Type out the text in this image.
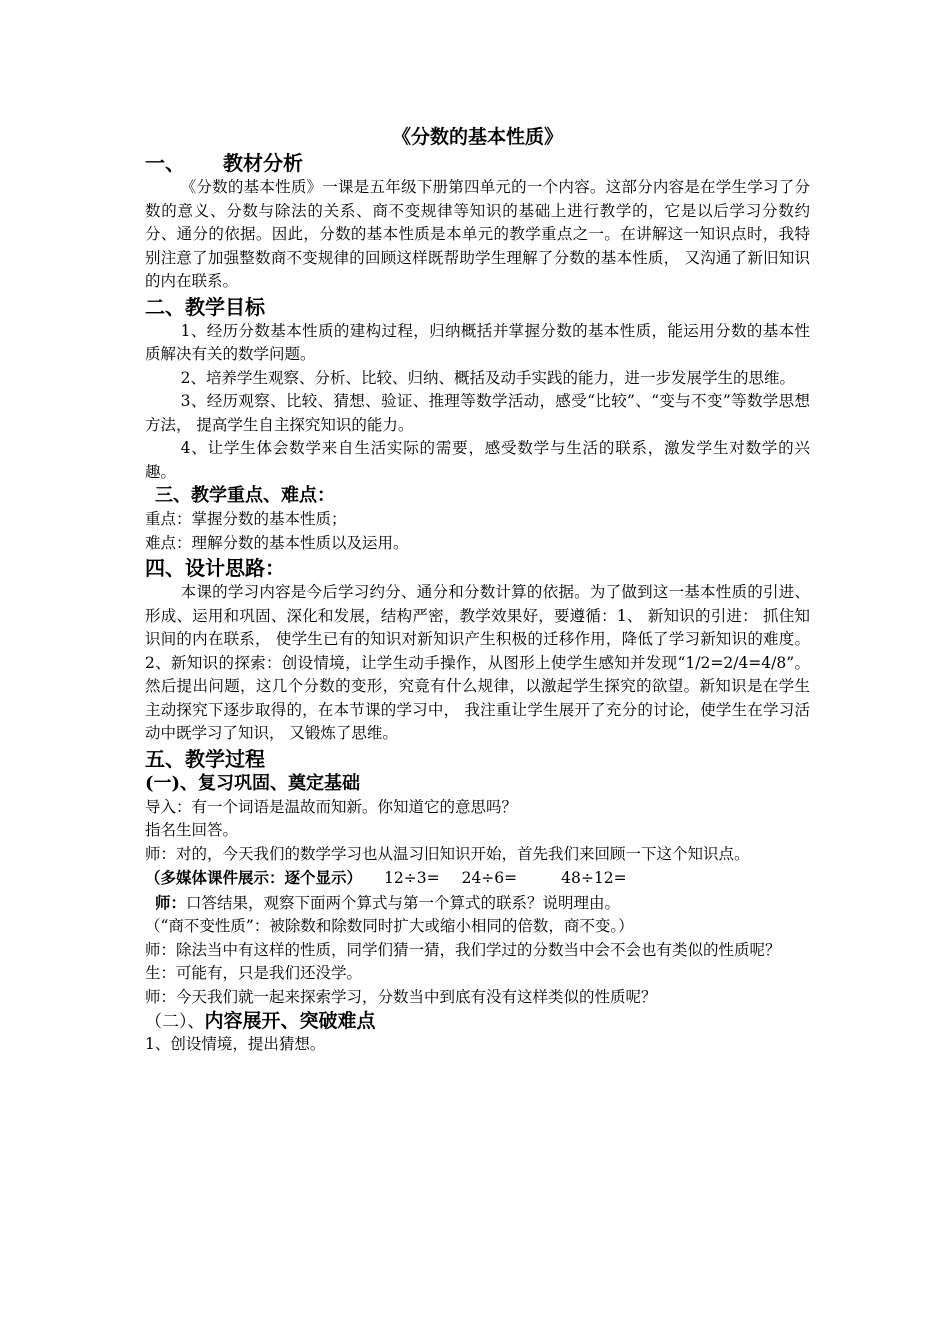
《分数的基本性质》
一、 教材分析
《分数的基本性质》一课是五年级下册第四单元的一个内容。这部分内容是在学生学习了分数的意义、分数与除法的关系、商不变规律等知识的基础上进行教学的，它是以后学习分数约分、通分的依据。因此，分数的基本性质是本单元的教学重点之一。在讲解这一知识点时，我特别注意了加强整数商不变规律的回顾这样既帮助学生理解了分数的基本性质， 又沟通了新旧知识的内在联系。
二、教学目标
1、经历分数基本性质的建构过程，归纳概括并掌握分数的基本性质，能运用分数的基本性质解决有关的数学问题。
2、培养学生观察、分析、比较、归纳、概括及动手实践的能力，进一步发展学生的思维。
3、经历观察、比较、猜想、验证、推理等数学活动，感受“比较”、“变与不变”等数学思想方法， 提高学生自主探究知识的能力。
4、让学生体会数学来自生活实际的需要，感受数学与生活的联系，激发学生对数学的兴趣。
三、教学重点、难点：
重点：掌握分数的基本性质；
难点：理解分数的基本性质以及运用。
四、设计思路：
本课的学习内容是今后学习约分、通分和分数计算的依据。为了做到这一基本性质的引进、形成、运用和巩固、深化和发展，结构严密，教学效果好，要遵循：1、 新知识的引进： 抓住知识间的内在联系， 使学生已有的知识对新知识产生积极的迁移作用，降低了学习新知识的难度。2、新知识的探索：创设情境，让学生动手操作，从图形上使学生感知并发现“1/2=2/4=4/8”。然后提出问题，这几个分数的变形，究竟有什么规律，以激起学生探究的欲望。新知识是在学生主动探究下逐步取得的，在本节课的学习中， 我注重让学生展开了充分的讨论，使学生在学习活动中既学习了知识， 又锻炼了思维。
五、教学过程
(一)、复习巩固、奠定基础
导入：有一个词语是温故而知新。你知道它的意思吗？
指名生回答。
师：对的，今天我们的数学学习也从温习旧知识开始，首先我们来回顾一下这个知识点。
（多媒体课件展示：逐个显示） 12÷3= 24÷6=	48÷12=
师：口答结果，观察下面两个算式与第一个算式的联系？说明理由。
（“商不变性质”：被除数和除数同时扩大或缩小相同的倍数，商不变。）
师：除法当中有这样的性质，同学们猜一猜，我们学过的分数当中会不会也有类似的性质呢？
生：可能有，只是我们还没学。
师：今天我们就一起来探索学习，分数当中到底有没有这样类似的性质呢？
（二）、内容展开、突破难点
1、创设情境，提出猜想。
